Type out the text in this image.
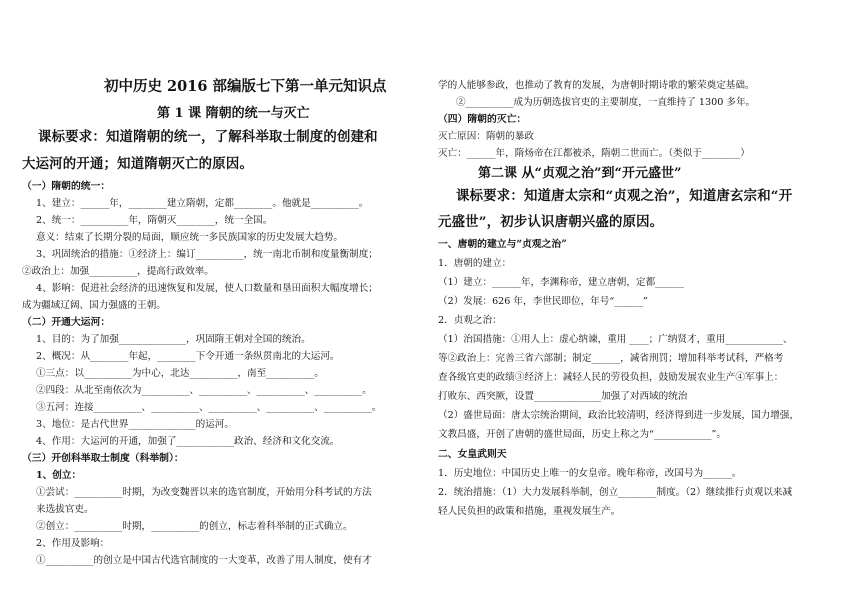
初中历史 2016 部编版七下第一单元知识点
第 1 课 隋朝的统一与灭亡
课标要求：知道隋朝的统一，了解科举取士制度的创建和
大运河的开通；知道隋朝灭亡的原因。
（一）隋朝的统一：
1、建立：______年，________建立隋朝，定都________。他就是__________。
2、统一：__________年，隋朝灭________，统一全国。
意义：结束了长期分裂的局面，顺应统一多民族国家的历史发展大趋势。
3、巩固统治的措施：①经济上：编订__________，统一南北币制和度量衡制度；
②政治上：加强__________，提高行政效率。
4、影响：促进社会经济的迅速恢复和发展，使人口数量和垦田面积大幅度增长；
成为疆域辽阔、国力强盛的王朝。
（二）开通大运河：
1、目的：为了加强______________，巩固隋王朝对全国的统治。
2、概况：从________年起，________下令开通一条纵贯南北的大运河。
①三点：以__________为中心，北达__________，南至__________。
②四段：从北至南依次为__________、__________、__________、__________。
③五河：连接__________、__________、__________、__________、__________。
3、地位：是古代世界______________的运河。
4、作用：大运河的开通，加强了____________政治、经济和文化交流。
（三）开创科举取士制度（科举制）：
1、创立：
①尝试：__________时期，为改变魏晋以来的选官制度，开始用分科考试的方法
来选拔官吏。
②创立：__________时期，__________的创立，标志着科举制的正式确立。
2、作用及影响：
①__________的创立是中国古代选官制度的一大变革，改善了用人制度，使有才
学的人能够参政，也推动了教育的发展，为唐朝时期诗歌的繁荣奠定基础。
②__________成为历朝选拔官吏的主要制度，一直维持了 1300 多年。
（四）隋朝的灭亡：
灭亡原因：隋朝的暴政
灭亡：______年，隋炀帝在江都被杀，隋朝二世而亡。（类似于________）
第二课 从“贞观之治”到“开元盛世”
课标要求：知道唐太宗和“贞观之治”，知道唐玄宗和“开
元盛世”，初步认识唐朝兴盛的原因。
一、唐朝的建立与“贞观之治”
1．唐朝的建立：
（1）建立：______年，李渊称帝，建立唐朝，定都______
（2）发展：626 年，李世民即位，年号“______”
2．贞观之治：
（1）治国措施：①用人上：虚心纳谏，重用 ____；广纳贤才，重用____________、
等②政治上：完善三省六部制；制定______，减省刑罚；增加科举考试科，严格考
查各级官吏的政绩③经济上：减轻人民的劳役负担，鼓励发展农业生产④军事上：
打败东、西突厥，设置______________加强了对西域的统治
（2）盛世局面：唐太宗统治期间，政治比较清明，经济得到进一步发展，国力增强，
文教昌盛，开创了唐朝的盛世局面，历史上称之为“____________”。
二、女皇武则天
1．历史地位：中国历史上唯一的女皇帝。晚年称帝，改国号为______。
2．统治措施：（1）大力发展科举制，创立________制度。（2）继续推行贞观以来减
轻人民负担的政策和措施，重视发展生产。
